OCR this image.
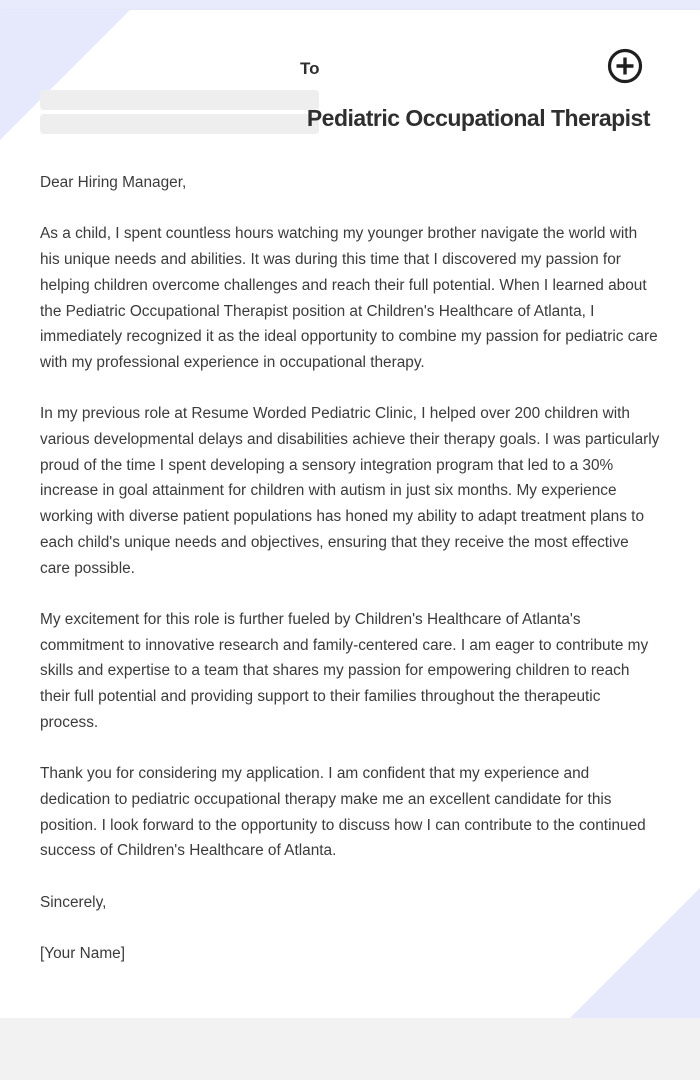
To
Pediatric Occupational Therapist

Dear Hiring Manager,

As a child, I spent countless hours watching my younger brother navigate the world with his unique needs and abilities. It was during this time that I discovered my passion for helping children overcome challenges and reach their full potential. When I learned about the Pediatric Occupational Therapist position at Children's Healthcare of Atlanta, I immediately recognized it as the ideal opportunity to combine my passion for pediatric care with my professional experience in occupational therapy.

In my previous role at Resume Worded Pediatric Clinic, I helped over 200 children with various developmental delays and disabilities achieve their therapy goals. I was particularly proud of the time I spent developing a sensory integration program that led to a 30% increase in goal attainment for children with autism in just six months. My experience working with diverse patient populations has honed my ability to adapt treatment plans to each child's unique needs and objectives, ensuring that they receive the most effective care possible.

My excitement for this role is further fueled by Children's Healthcare of Atlanta's commitment to innovative research and family-centered care. I am eager to contribute my skills and expertise to a team that shares my passion for empowering children to reach their full potential and providing support to their families throughout the therapeutic process.

Thank you for considering my application. I am confident that my experience and dedication to pediatric occupational therapy make me an excellent candidate for this position. I look forward to the opportunity to discuss how I can contribute to the continued success of Children's Healthcare of Atlanta.

Sincerely,

[Your Name]
